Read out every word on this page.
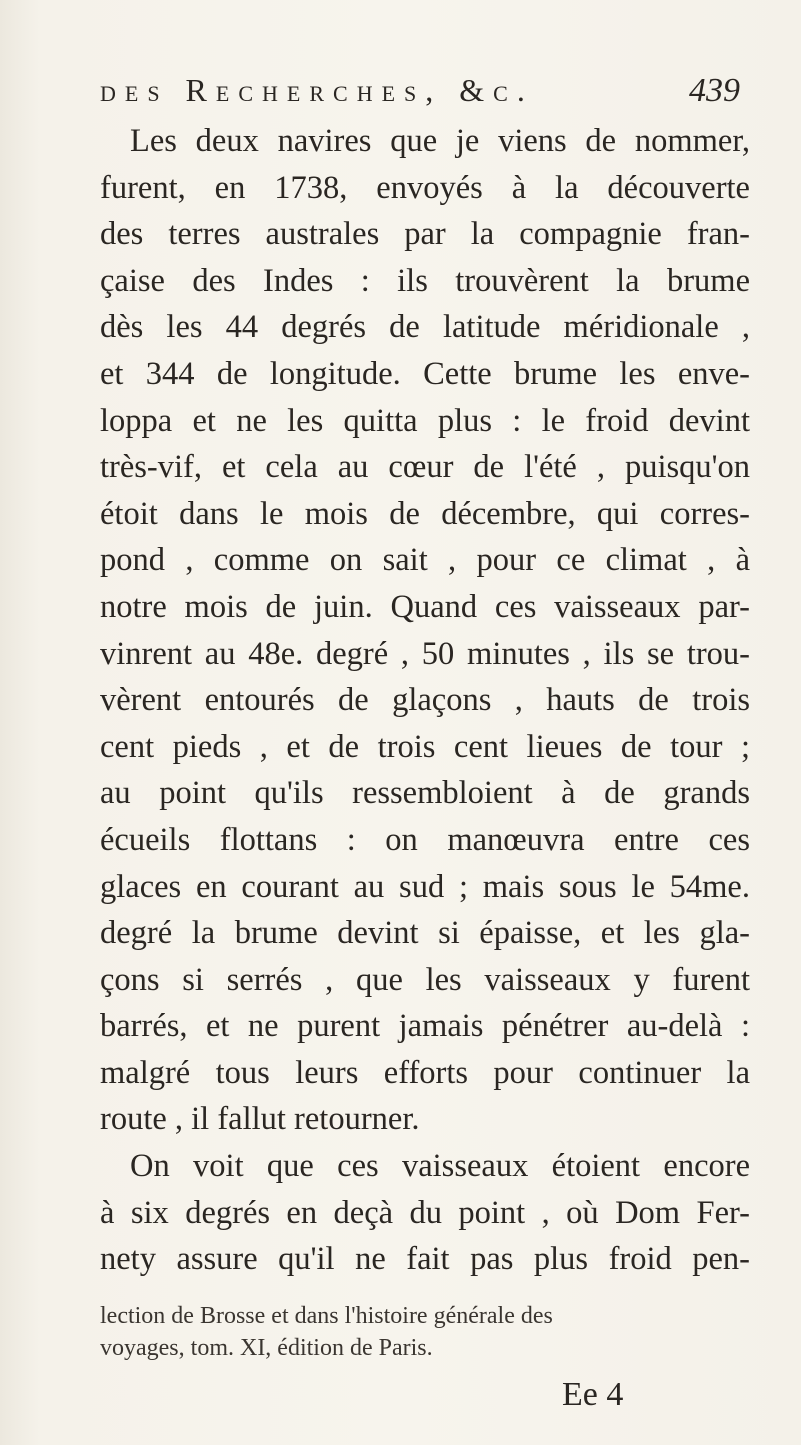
des Recherches, &c.	439
Les deux navires que je viens de nommer,
furent, en 1738, envoyés à la découverte
des terres australes par la compagnie fran-
çaise des Indes : ils trouvèrent la brume
dès les 44 degrés de latitude méridionale ,
et 344 de longitude. Cette brume les enve-
loppa et ne les quitta plus : le froid devint
très-vif, et cela au cœur de l'été , puisqu'on
étoit dans le mois de décembre, qui corres-
pond , comme on sait , pour ce climat , à
notre mois de juin. Quand ces vaisseaux par-
vinrent au 48e. degré , 50 minutes , ils se trou-
vèrent entourés de glaçons , hauts de trois
cent pieds , et de trois cent lieues de tour ;
au point qu'ils ressembloient à de grands
écueils flottans : on manœuvra entre ces
glaces en courant au sud ; mais sous le 54me.
degré la brume devint si épaisse, et les gla-
çons si serrés , que les vaisseaux y furent
barrés, et ne purent jamais pénétrer au-delà :
malgré tous leurs efforts pour continuer la
route , il fallut retourner.
On voit que ces vaisseaux étoient encore
à six degrés en deçà du point , où Dom Fer-
nety assure qu'il ne fait pas plus froid pen-
lection de Brosse et dans l'histoire générale des
voyages, tom. XI, édition de Paris.
Ee 4
